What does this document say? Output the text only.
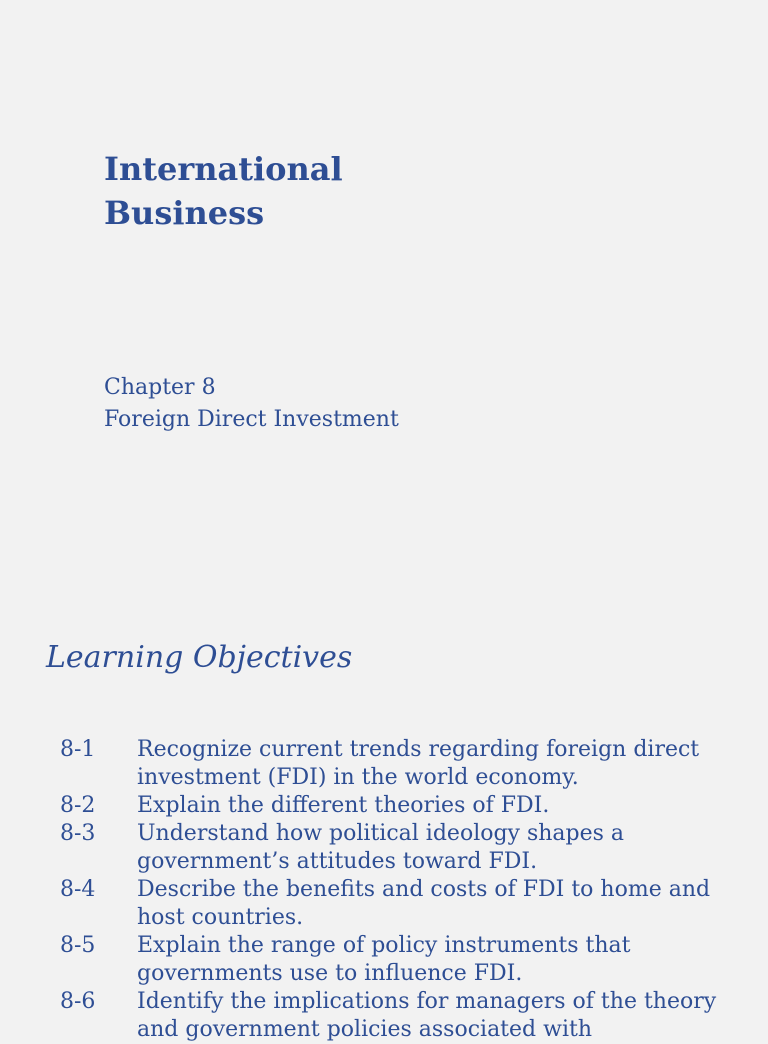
International
Business
Chapter 8
Foreign Direct Investment
Learning Objectives
8-1	Recognize current trends regarding foreign direct investment (FDI) in the world economy.
8-2	Explain the different theories of FDI.
8-3	Understand how political ideology shapes a government’s attitudes toward FDI.
8-4	Describe the benefits and costs of FDI to home and host countries.
8-5	Explain the range of policy instruments that governments use to influence FDI.
8-6	Identify the implications for managers of the theory and government policies associated with
